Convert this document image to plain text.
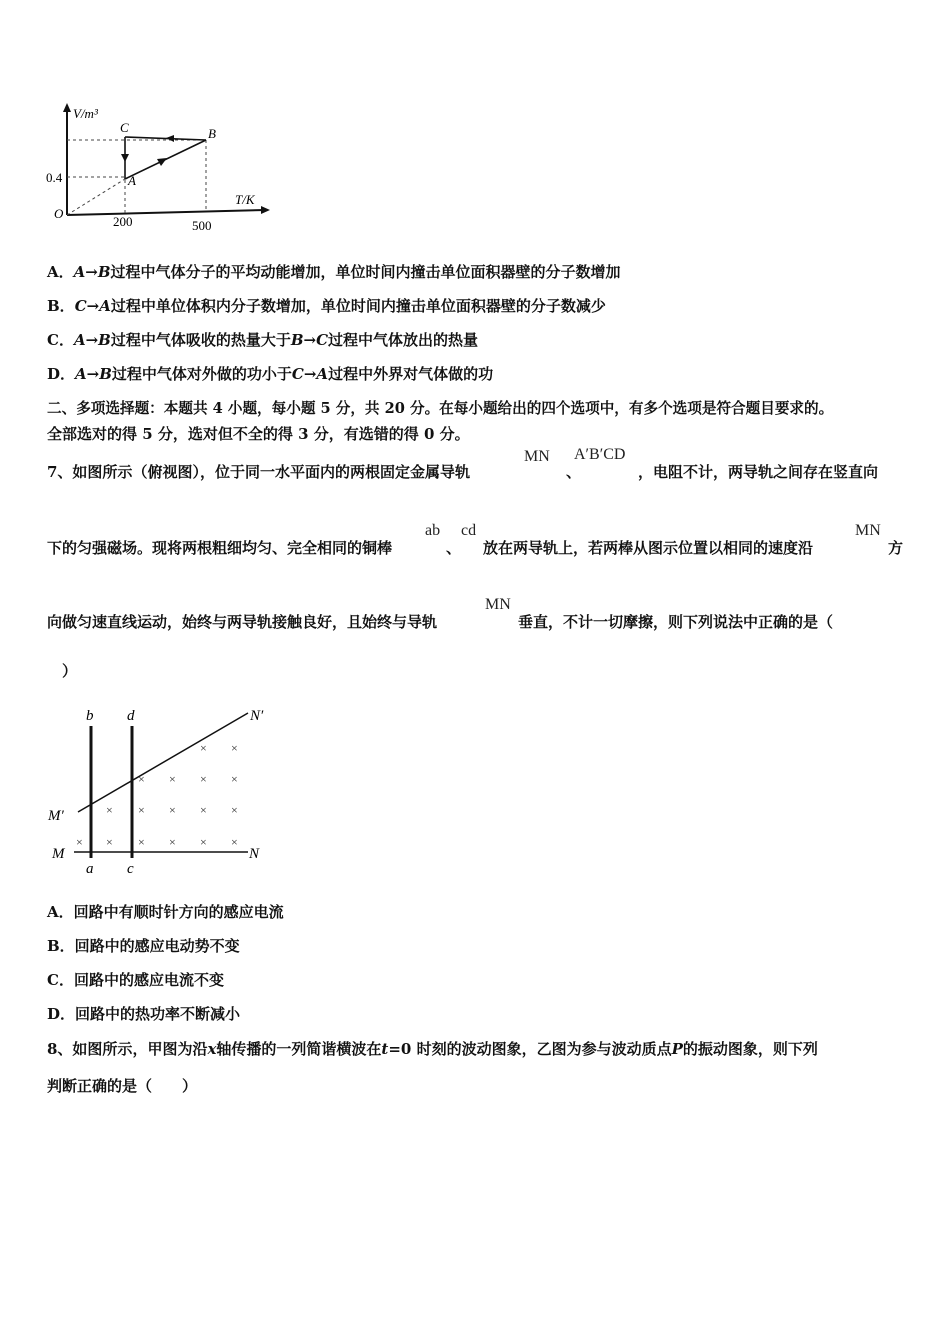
V/m³
T/K
O
0.4
200	500
A
B
C
A．A→B过程中气体分子的平均动能增加，单位时间内撞击单位面积器壁的分子数增加
B．C→A过程中单位体积内分子数增加，单位时间内撞击单位面积器壁的分子数减少
C．A→B过程中气体吸收的热量大于B→C过程中气体放出的热量
D．A→B过程中气体对外做的功小于C→A过程中外界对气体做的功
二、多项选择题：本题共 4 小题，每小题 5 分，共 20 分。在每小题给出的四个选项中，有多个选项是符合题目要求的。
全部选对的得 5 分，选对但不全的得 3 分，有选错的得 0 分。
7、如图所示（俯视图），位于同一水平面内的两根固定金属导轨
MN
、
A′B′CD
，电阻不计，两导轨之间存在竖直向
下的匀强磁场。现将两根粗细均匀、完全相同的铜棒
ab
、
cd
放在两导轨上，若两棒从图示位置以相同的速度沿
MN
方
向做匀速直线运动，始终与两导轨接触良好，且始终与导轨
MN
垂直，不计一切摩擦，则下列说法中正确的是（
）
b d	N′
M′
M	N
a c
× ×
× × × ×
× × × × ×
× × × × × ×
A．回路中有顺时针方向的感应电流
B．回路中的感应电动势不变
C．回路中的感应电流不变
D．回路中的热功率不断减小
8、如图所示，甲图为沿x轴传播的一列简谐横波在t=0 时刻的波动图象，乙图为参与波动质点P的振动图象，则下列
判断正确的是（　　）
